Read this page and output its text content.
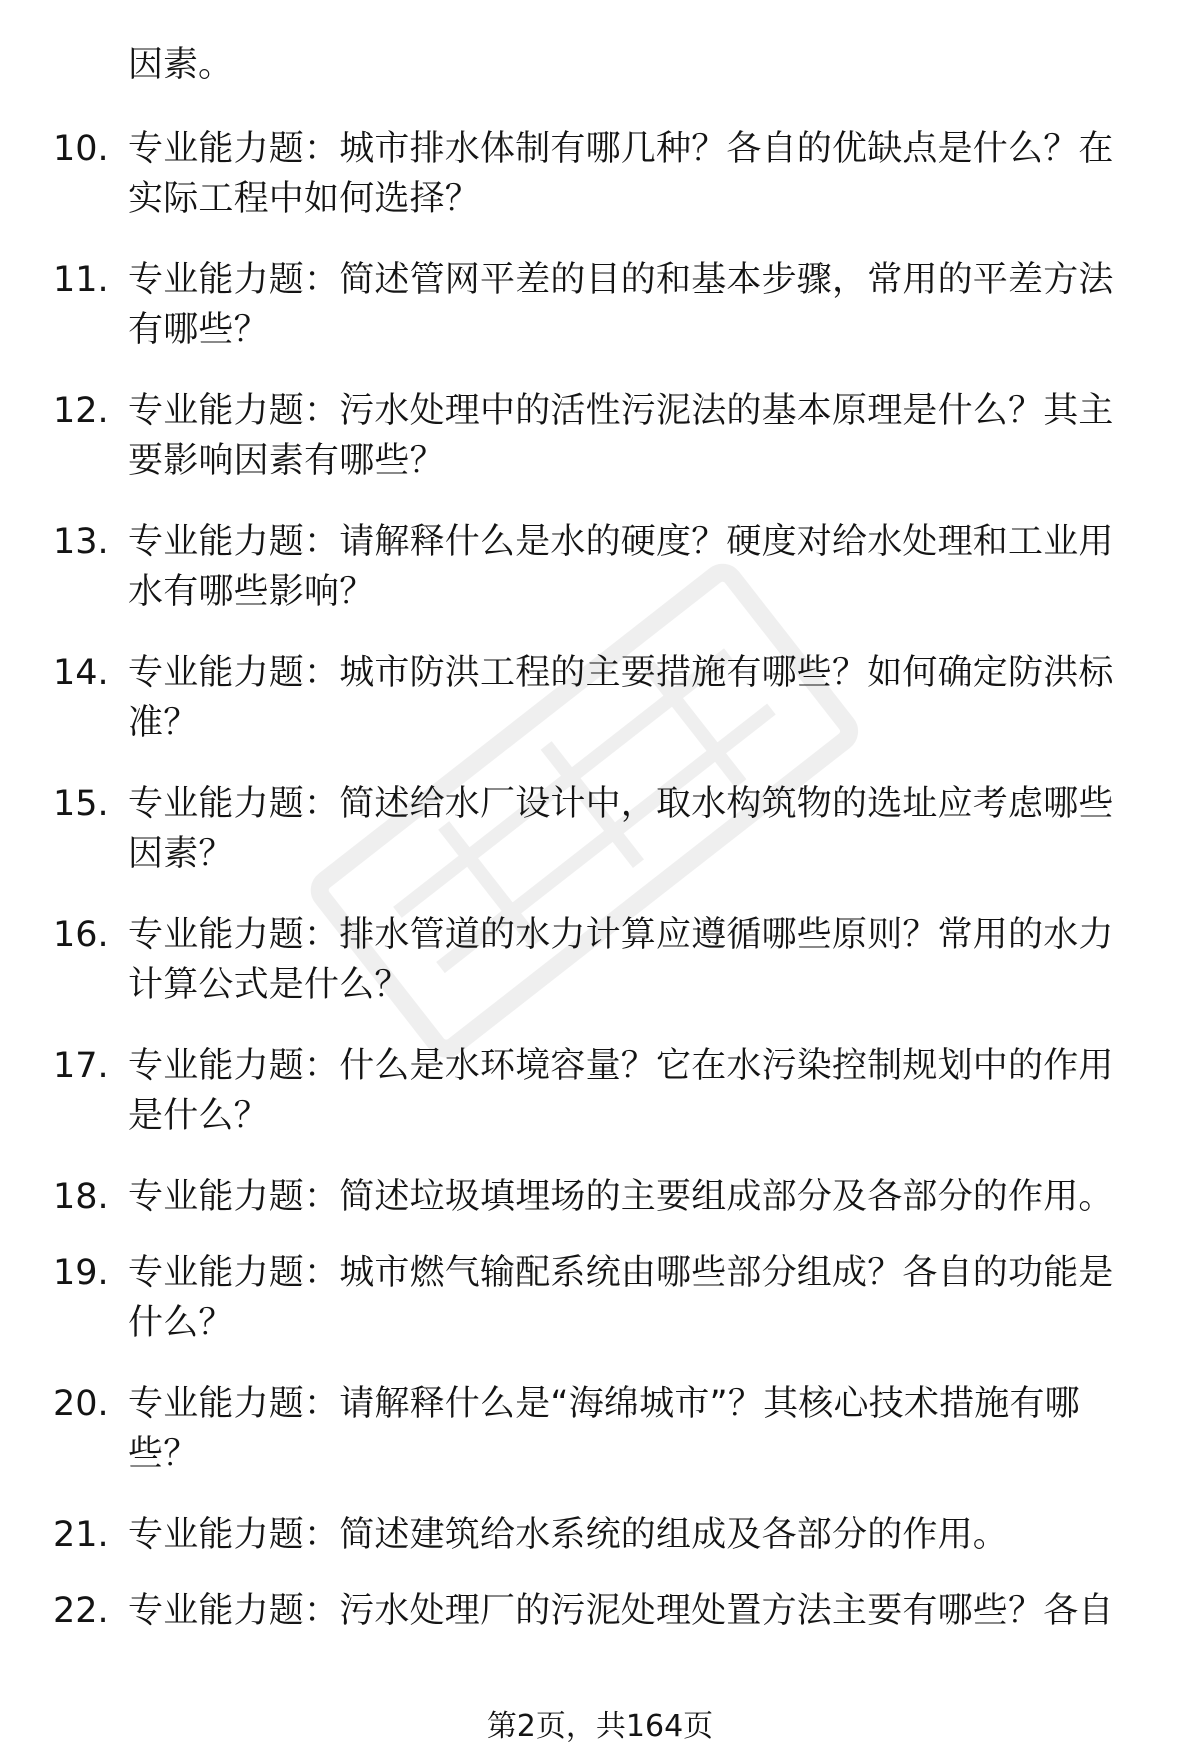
因素。
10. 专业能力题：城市排水体制有哪几种？各自的优缺点是什么？在实际工程中如何选择？
11. 专业能力题：简述管网平差的目的和基本步骤，常用的平差方法有哪些？
12. 专业能力题：污水处理中的活性污泥法的基本原理是什么？其主要影响因素有哪些？
13. 专业能力题：请解释什么是水的硬度？硬度对给水处理和工业用水有哪些影响？
14. 专业能力题：城市防洪工程的主要措施有哪些？如何确定防洪标准？
15. 专业能力题：简述给水厂设计中，取水构筑物的选址应考虑哪些因素？
16. 专业能力题：排水管道的水力计算应遵循哪些原则？常用的水力计算公式是什么？
17. 专业能力题：什么是水环境容量？它在水污染控制规划中的作用是什么？
18. 专业能力题：简述垃圾填埋场的主要组成部分及各部分的作用。
19. 专业能力题：城市燃气输配系统由哪些部分组成？各自的功能是什么？
20. 专业能力题：请解释什么是“海绵城市”？其核心技术措施有哪些？
21. 专业能力题：简述建筑给水系统的组成及各部分的作用。
22. 专业能力题：污水处理厂的污泥处理处置方法主要有哪些？各自
第2页，共164页
